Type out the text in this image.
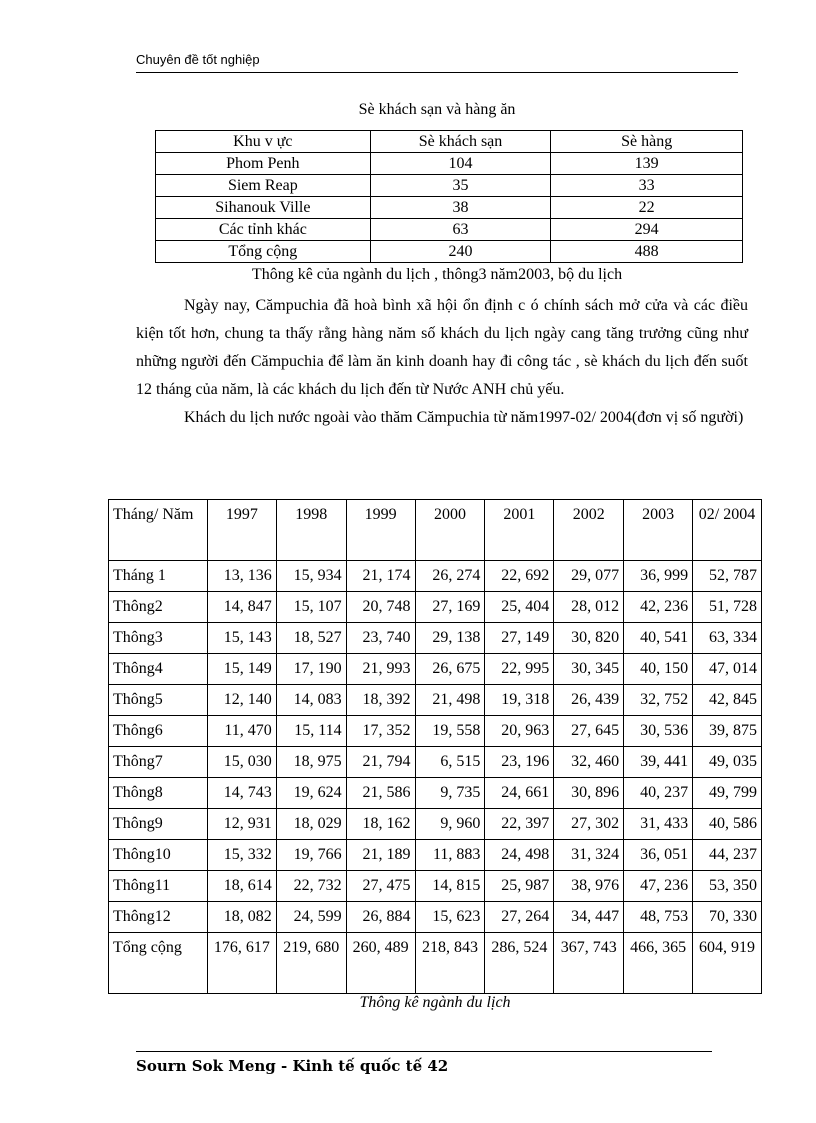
Chuyên đề tốt nghiệp
Sè khách sạn và hàng ăn
Khu v ực	Sè khách sạn	Sè hàng
Phom Penh	104	139
Siem Reap	35	33
Sihanouk Ville	38	22
Các tỉnh khác	63	294
Tổng cộng	240	488
Thông kê của ngành du lịch , thông3 năm2003, bộ du lịch

Ngày nay, Cămpuchia đã hoà bình xã hội ổn định c ó chính sách mở cửa và các điều kiện tốt hơn, chung ta thấy rằng hàng năm số khách du lịch ngày cang tăng trưởng cũng như những người đến Cămpuchia để làm ăn kinh doanh hay đi công tác , sè khách du lịch đến suốt 12 tháng của năm, là các khách du lịch đến từ Nước ANH chủ yếu.

Khách du lịch nước ngoài vào thăm Cămpuchia từ năm1997-02/ 2004(đơn vị số người)

Tháng/ Năm	1997	1998	1999	2000	2001	2002	2003	02/ 2004
Tháng 1	13, 136	15, 934	21, 174	26, 274	22, 692	29, 077	36, 999	52, 787
Thông2	14, 847	15, 107	20, 748	27, 169	25, 404	28, 012	42, 236	51, 728
Thông3	15, 143	18, 527	23, 740	29, 138	27, 149	30, 820	40, 541	63, 334
Thông4	15, 149	17, 190	21, 993	26, 675	22, 995	30, 345	40, 150	47, 014
Thông5	12, 140	14, 083	18, 392	21, 498	19, 318	26, 439	32, 752	42, 845
Thông6	11, 470	15, 114	17, 352	19, 558	20, 963	27, 645	30, 536	39, 875
Thông7	15, 030	18, 975	21, 794	6, 515	23, 196	32, 460	39, 441	49, 035
Thông8	14, 743	19, 624	21, 586	9, 735	24, 661	30, 896	40, 237	49, 799
Thông9	12, 931	18, 029	18, 162	9, 960	22, 397	27, 302	31, 433	40, 586
Thông10	15, 332	19, 766	21, 189	11, 883	24, 498	31, 324	36, 051	44, 237
Thông11	18, 614	22, 732	27, 475	14, 815	25, 987	38, 976	47, 236	53, 350
Thông12	18, 082	24, 599	26, 884	15, 623	27, 264	34, 447	48, 753	70, 330
Tổng cộng	176, 617	219, 680	260, 489	218, 843	286, 524	367, 743	466, 365	604, 919
Thông kê ngành du lịch
Sourn Sok Meng - Kinh tế quốc tế 42
